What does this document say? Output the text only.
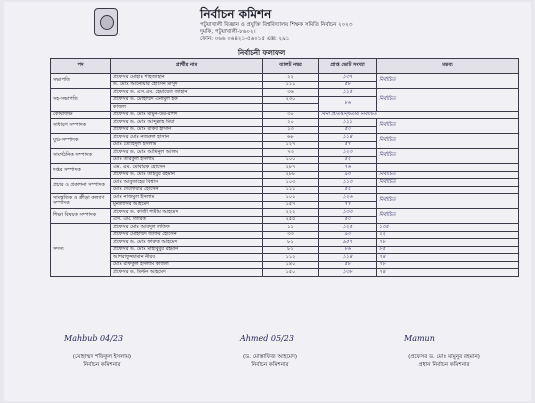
নির্বাচন কমিশন
পটুয়াখালী বিজ্ঞান ও প্রযুক্তি বিশ্ববিদ্যালয় শিক্ষক সমিতি নির্বাচন ২০২৩
দুমকি, পটুয়াখালী-৮৬০২।
ফোন: ০৬৬ ০৬৪২১-৫৬০১৫ এক্স: ২৯১
নির্বাচনী ফলাফল
পদ	প্রার্থীর নাম	ব্যালট নম্বর	প্রাপ্ত ভোট সংখ্যা	মন্তব্য
সভাপতি	প্রফেসর মোহাঃ শাহজাহান	২২	১৩৭	নির্বাচিত
	ড. মোঃ আনোয়ার হোসেন মাসুদ	১১১	৫৮	
সহ-সভাপতি	প্রফেসর ড. এস.এম. হেমায়েত জাহান	৩৬	১১৫	নির্বাচিত
	প্রফেসর ড. মোহাম্মদ এনামুল হক	২৩০	৮৬	
	কাজল			
কোষাধ্যক্ষ	প্রফেসর ড. মোঃ মামুন-উর-রশিদ	৩০	বিনা প্রতিদ্বন্দ্বিতায় নির্বাচিত	
সাধারণ সম্পাদক	প্রফেসর ড. মোঃ আব্দুল্লাহ মিয়া	২০	১১১	নির্বাচিত
	প্রফেসর ড. মোঃ রকিব হাসান	১৩	৫০	
যুগ্ম-সম্পাদক	প্রফেসর মোঃ নজরুল হাসান	৬৮	১১৪	নির্বাচিত
	মোঃ তৌহিদুল ইসলাম	১২৭	৫৭	
সাংগঠনিক সম্পাদক	প্রফেসর ড. মোঃ আমিনুল আলম	৭৩	১২৩	নির্বাচিত
	মোঃ তরিকুল ইসলাম	১০০	৫২	
দপ্তর সম্পাদক	এম. এম. মোবারক হোসেন	২৮৭	৭৬	
	প্রফেসর ড. মোঃ তাইবুর রহমান	২৮৮	৯৩	নির্বাচিত
প্রচার ও প্রকাশনা সম্পাদক	মোঃ আবুতাহের বিশ্বাস	১০৩	১১৩	নির্বাচিত
	মোঃ দেলোয়ার হোসেন	১১১	৫২	
সাংস্কৃতিক ও ক্রীড়া কল্যাণ সম্পাদক	মোঃ নাজমুল ইসলাম	১০১	১২৬	নির্বাচিত
	মুনতাসির আহমেদ	১৫৭	৭৭	
শিক্ষা বিষয়ক সম্পাদক	প্রফেসর ড. কাজী শামীম আহমেদ	২২২	১৩৩	নির্বাচিত
	এস. এম. তারিক	২৫৫	৫০	
সদস্য	প্রফেসর মোঃ আবদুল লতিফ	১১	১২৫	১৩৫
	প্রফেসর মোহাম্মদ জাফর হোসেন	৩৩	৯০	২২
	প্রফেসর ড. মোঃ ফারুক আহমেদ	৮১	৯৫৭	৭৮
	প্রফেসর ড. মোঃ মাহাবুবুর রহমান	৮১	৮৬	৮৫
	আশরাফুজ্জামান নীরব	১১২	১১৪	৭৪
	মোঃ রফিকুল ইসলাম কাজল	১৪০	৫৮	৭৮
	প্রফেসর ড. মিল্টন আহমেদ	১৫০	১৩৮	৭৪
Mahbub 04/23	Ahmed 05/23	Mamun
(মোহাম্মদ শফিকুল ইসলাম)
নির্বাচন কমিশনার
(ড. মোস্তাফিজ আহমেদ)
নির্বাচন কমিশনার
(প্রফেসর ড. মোঃ মামুনুর রহমান)
প্রধান নির্বাচন কমিশনার
